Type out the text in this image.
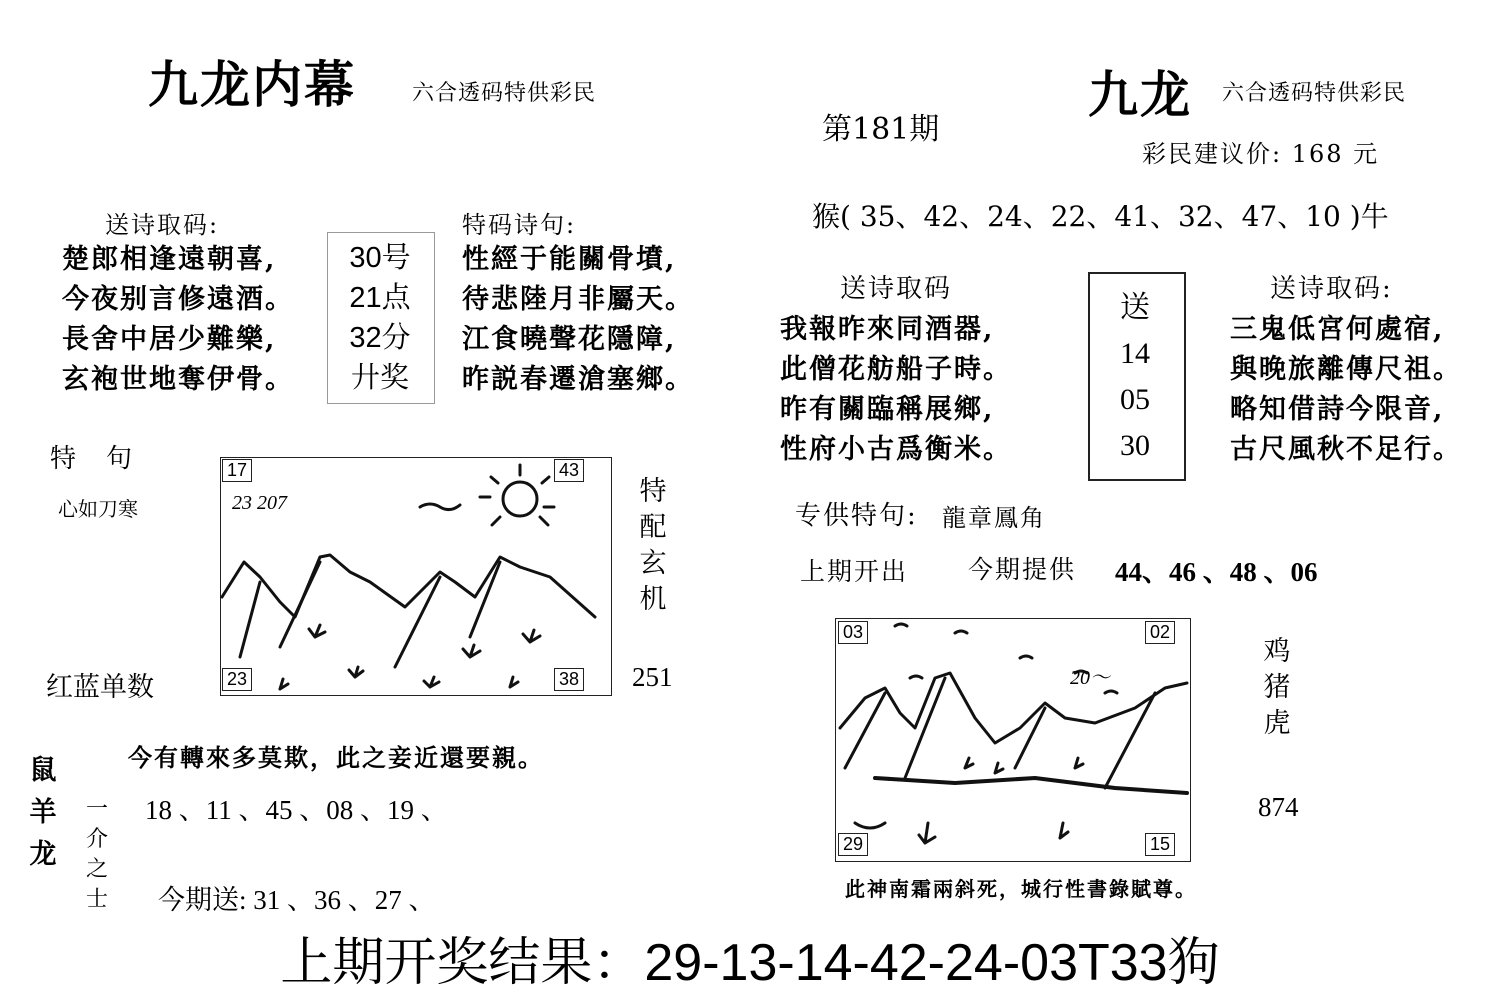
九龙内幕	六合透码特供彩民
送诗取码:
楚郎相逢遠朝喜,
今夜别言修遠酒。
長舍中居少難樂,
玄袍世地奪伊骨。
30号
21点
32分
廾奖
特码诗句:
性經于能關骨墳,
待悲陸月非屬天。
江食曉聲花隱障,
昨説春遷滄塞鄉。
特　句
心如刀寒
红蓝单数
23 207
17	43
23	38
特
配
玄
机
251
今有轉來多莫欺，此之妾近還要親。
鼠
羊
龙
一
介
之
士
18 、11 、45 、08 、19 、
今期送: 31 、36 、27 、
九龙 六合透码特供彩民
第181期
彩民建议价: 168 元
猴( 35、42、24、22、41、32、47、10 )牛
送诗取码
我報昨來同酒器,
此僧花舫船子時。
昨有關臨稱展鄉,
性府小古爲衡米。
送
14
05
30
送诗取码:
三鬼低宮何處宿,
與晚旅離傳尺祖。
略知借詩今限音,
古尺風秋不足行。
专供特句: 龍章鳳角
上期开出 今期提供 44、46 、48 、06
20～
03	02
29	15
鸡
猪
虎
874
此神南霜兩斜死，城行性書錄賦尊。
上期开奖结果：29-13-14-42-24-03T33狗
